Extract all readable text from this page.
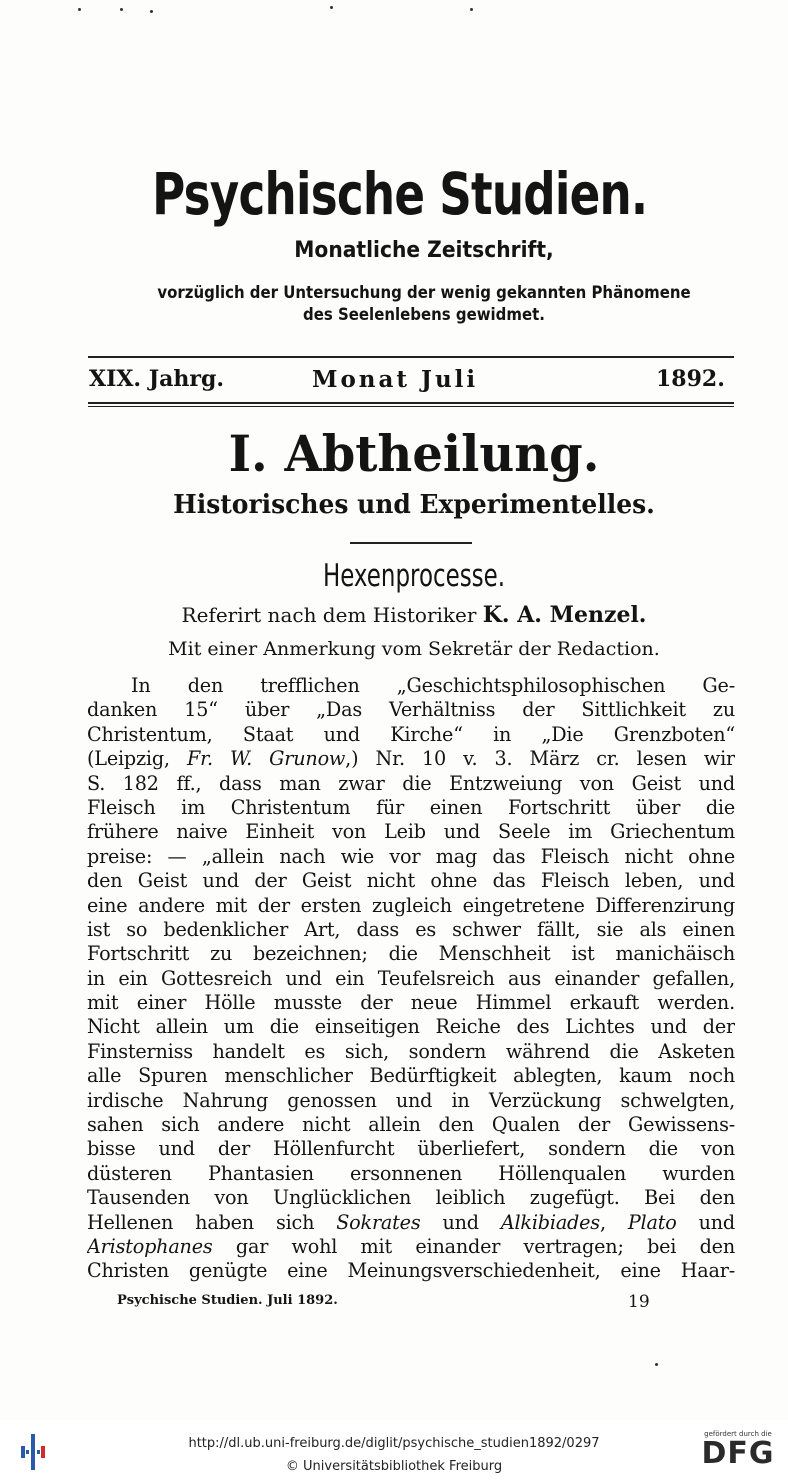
Psychische Studien.
Monatliche Zeitschrift,
vorzüglich der Untersuchung der wenig gekannten Phänomene
des Seelenlebens gewidmet.
XIX. Jahrg.	Monat Juli	1892.
I. Abtheilung.
Historisches und Experimentelles.
Hexenprocesse.
Referirt nach dem Historiker K. A. Menzel.
Mit einer Anmerkung vom Sekretär der Redaction.
In den trefflichen „Geschichtsphilosophischen Ge-
danken 15“ über „Das Verhältniss der Sittlichkeit zu
Christentum, Staat und Kirche“ in „Die Grenzboten“
(Leipzig, Fr. W. Grunow,) Nr. 10 v. 3. März cr. lesen wir
S. 182 ff., dass man zwar die Entzweiung von Geist und
Fleisch im Christentum für einen Fortschritt über die
frühere naive Einheit von Leib und Seele im Griechentum
preise: — „allein nach wie vor mag das Fleisch nicht ohne
den Geist und der Geist nicht ohne das Fleisch leben, und
eine andere mit der ersten zugleich eingetretene Differenzirung
ist so bedenklicher Art, dass es schwer fällt, sie als einen
Fortschritt zu bezeichnen; die Menschheit ist manichäisch
in ein Gottesreich und ein Teufelsreich aus einander gefallen,
mit einer Hölle musste der neue Himmel erkauft werden.
Nicht allein um die einseitigen Reiche des Lichtes und der
Finsterniss handelt es sich, sondern während die Asketen
alle Spuren menschlicher Bedürftigkeit ablegten, kaum noch
irdische Nahrung genossen und in Verzückung schwelgten,
sahen sich andere nicht allein den Qualen der Gewissens-
bisse und der Höllenfurcht überliefert, sondern die von
düsteren Phantasien ersonnenen Höllenqualen wurden
Tausenden von Unglücklichen leiblich zugefügt. Bei den
Hellenen haben sich Sokrates und Alkibiades, Plato und
Aristophanes gar wohl mit einander vertragen; bei den
Christen genügte eine Meinungsverschiedenheit, eine Haar-
Psychische Studien. Juli 1892.	19
http://dl.ub.uni-freiburg.de/diglit/psychische_studien1892/0297
© Universitätsbibliothek Freiburg
gefördert durch die
DFG
